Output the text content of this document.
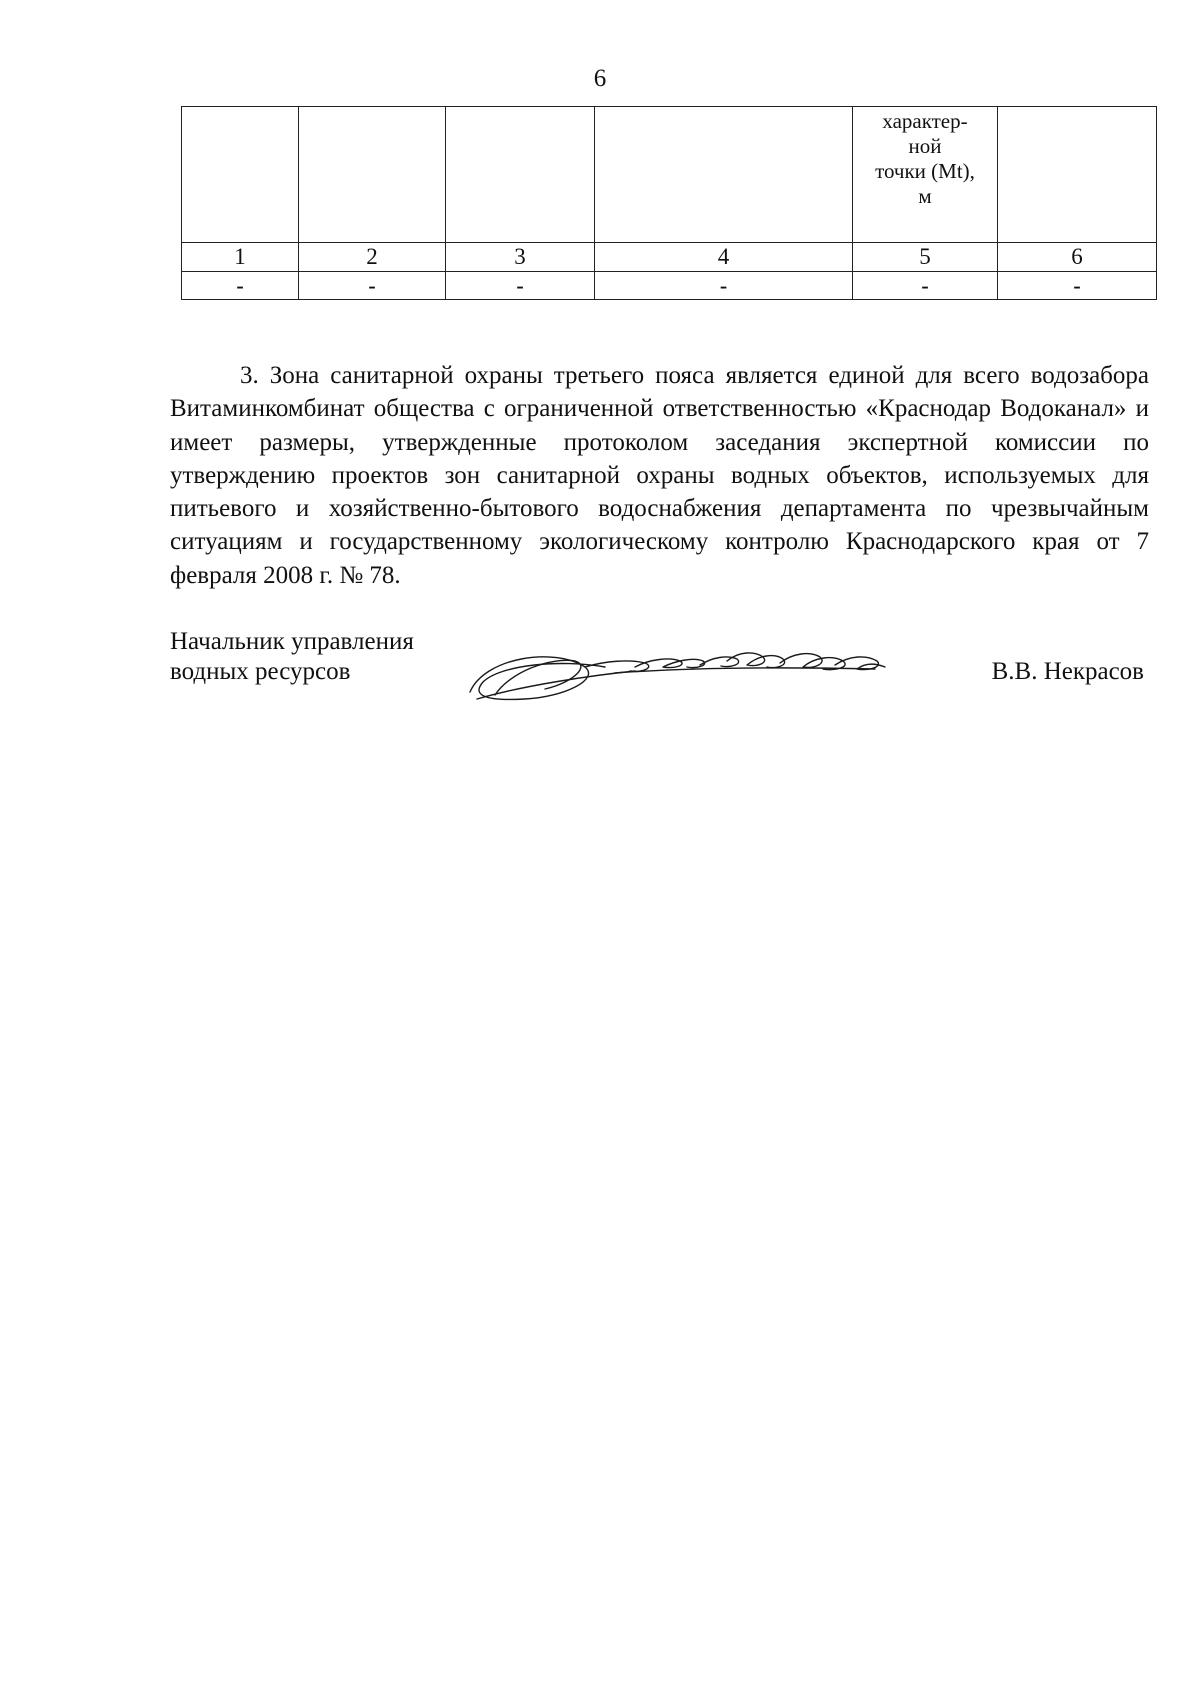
6

				характер-
ной
точки (Mt),
м	

1	2	3	4	5	6
-	-	-	-	-	-

3. Зона санитарной охраны третьего пояса является единой для всего водозабора Витаминкомбинат общества с ограниченной ответственностью «Краснодар Водоканал» и имеет размеры, утвержденные протоколом заседания экспертной комиссии по утверждению проектов зон санитарной охраны водных объектов, используемых для питьевого и хозяйственно-бытового водоснабжения департамента по чрезвычайным ситуациям и государственному экологическому контролю Краснодарского края от 7 февраля 2008 г. № 78.

Начальник управления
водных ресурсов	В.В. Некрасов
